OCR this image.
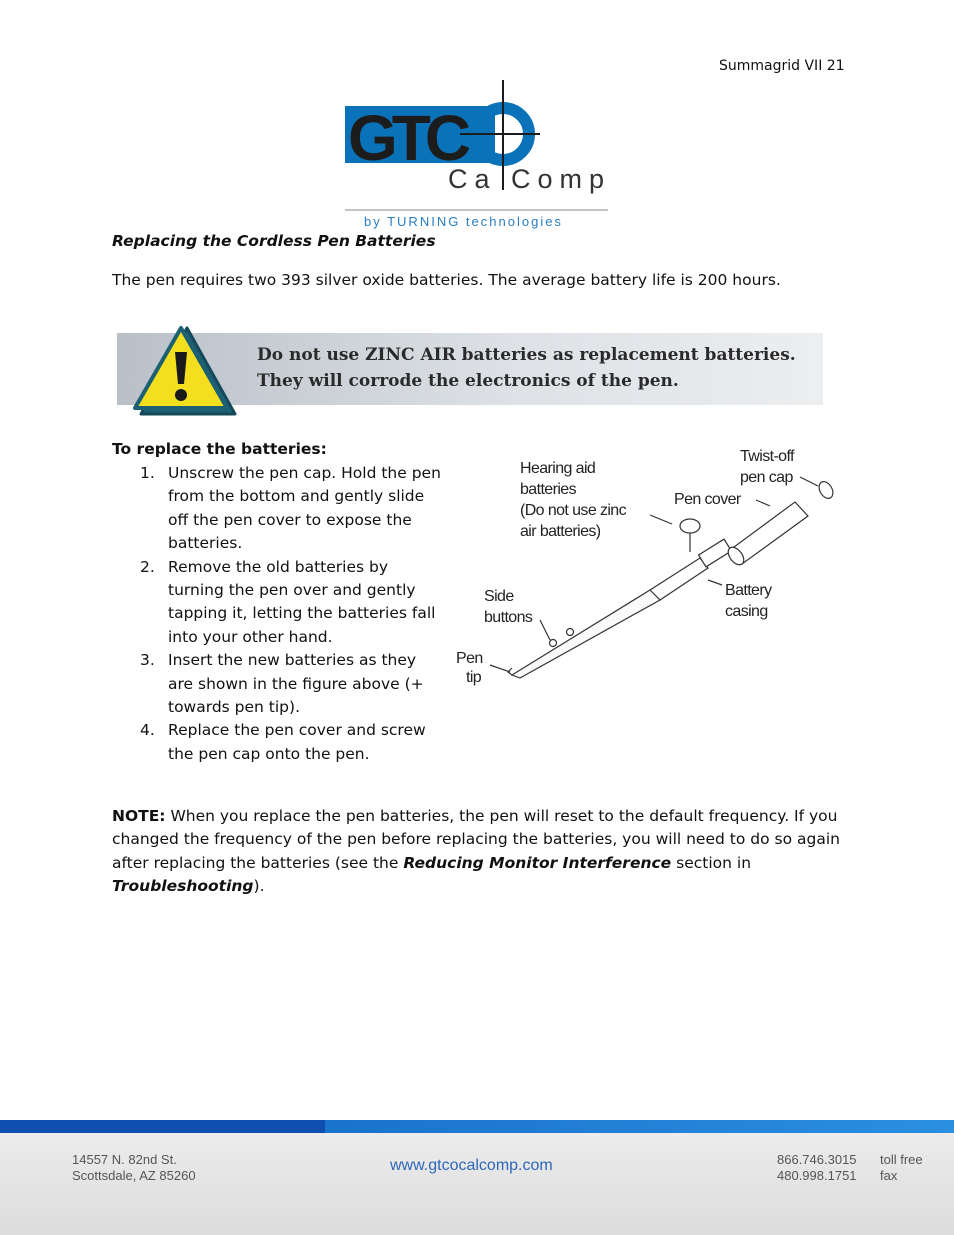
Summagrid VII 21
GTC
Ca Comp
by TURNING technologies
Replacing the Cordless Pen Batteries
The pen requires two 393 silver oxide batteries. The average battery life is 200 hours.
Do not use ZINC AIR batteries as replacement batteries.
They will corrode the electronics of the pen.
To replace the batteries:
1. Unscrew the pen cap. Hold the pen from the bottom and gently slide off the pen cover to expose the batteries.
2. Remove the old batteries by turning the pen over and gently tapping it, letting the batteries fall into your other hand.
3. Insert the new batteries as they are shown in the figure above (+ towards pen tip).
4. Replace the pen cover and screw the pen cap onto the pen.
Hearing aid
batteries
(Do not use zinc
air batteries)
Twist-off
pen cap
Pen cover
Side
buttons
Battery
casing
Pen
tip
NOTE: When you replace the pen batteries, the pen will reset to the default frequency. If you changed the frequency of the pen before replacing the batteries, you will need to do so again after replacing the batteries (see the Reducing Monitor Interference section in Troubleshooting).
14557 N. 82nd St.
Scottsdale, AZ 85260
www.gtcocalcomp.com	866.746.3015
480.998.1751
toll free
fax
